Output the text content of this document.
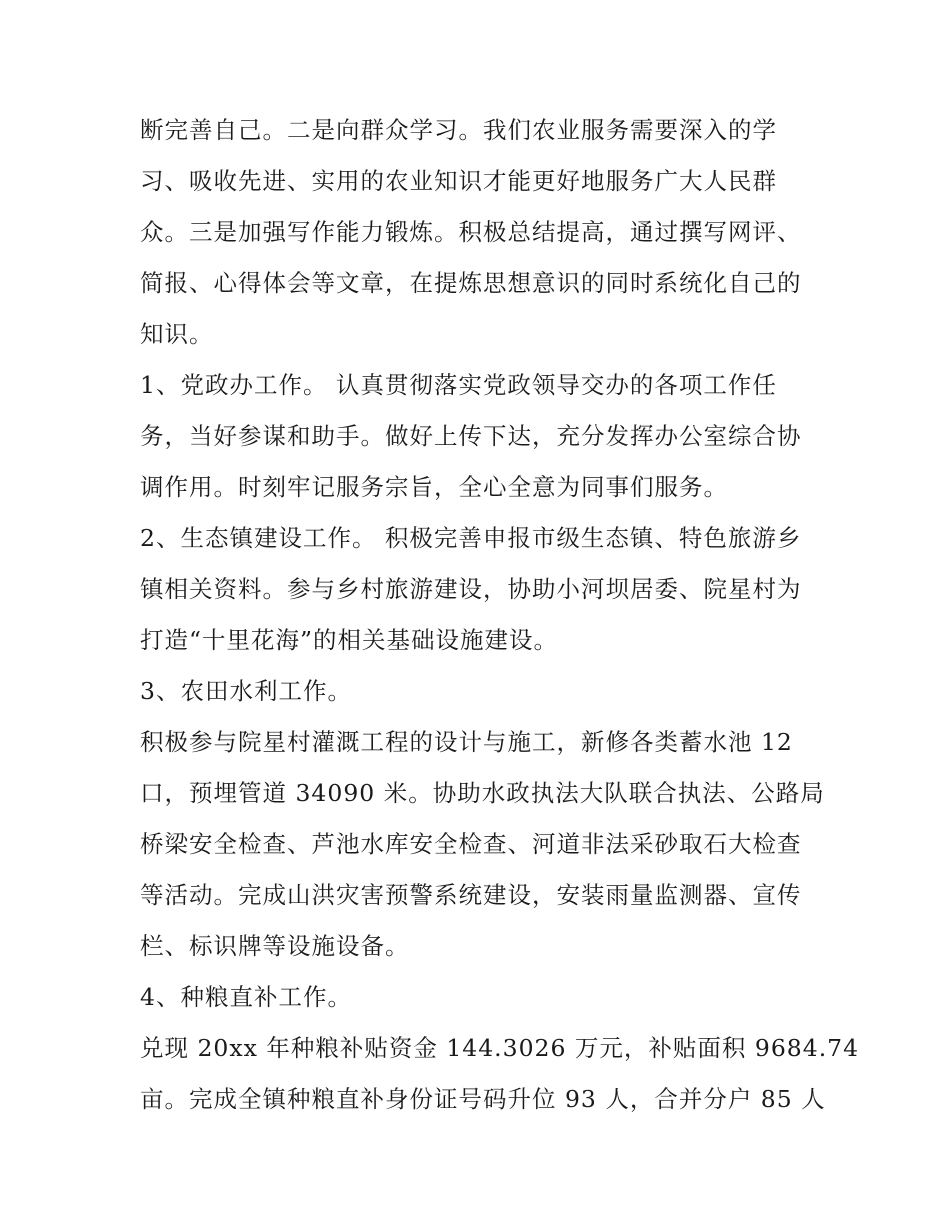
断完善自己。二是向群众学习。我们农业服务需要深入的学
习、吸收先进、实用的农业知识才能更好地服务广大人民群
众。三是加强写作能力锻炼。积极总结提高，通过撰写网评、
简报、心得体会等文章，在提炼思想意识的同时系统化自己的
知识。
1、党政办工作。 认真贯彻落实党政领导交办的各项工作任
务，当好参谋和助手。做好上传下达，充分发挥办公室综合协
调作用。时刻牢记服务宗旨，全心全意为同事们服务。
2、生态镇建设工作。 积极完善申报市级生态镇、特色旅游乡
镇相关资料。参与乡村旅游建设，协助小河坝居委、院星村为
打造“十里花海”的相关基础设施建设。
3、农田水利工作。
积极参与院星村灌溉工程的设计与施工，新修各类蓄水池 12
口，预埋管道 34090 米。协助水政执法大队联合执法、公路局
桥梁安全检查、芦池水库安全检查、河道非法采砂取石大检查
等活动。完成山洪灾害预警系统建设，安装雨量监测器、宣传
栏、标识牌等设施设备。
4、种粮直补工作。
兑现 20xx 年种粮补贴资金 144.3026 万元，补贴面积 9684.74
亩。完成全镇种粮直补身份证号码升位 93 人，合并分户 85 人
